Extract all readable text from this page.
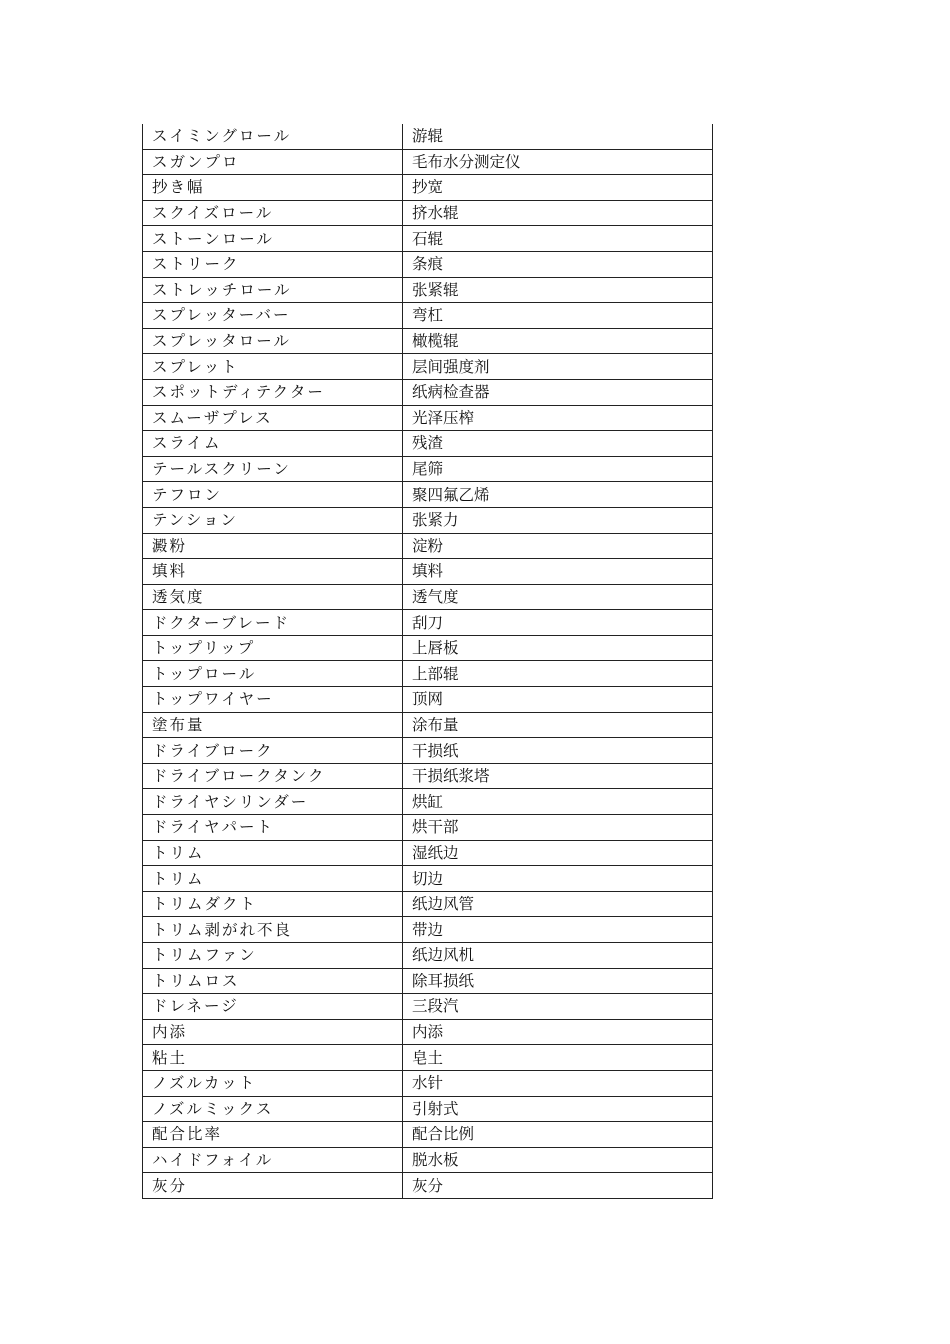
スイミングロール	游辊
スガンプロ	毛布水分测定仪
抄き幅	抄宽
スクイズロール	挤水辊
ストーンロール	石辊
ストリーク	条痕
ストレッチロール	张紧辊
スプレッターバー	弯杠
スプレッタロール	橄榄辊
スプレット	层间强度剂
スポットディテクター	纸病检查器
スムーザプレス	光泽压榨
スライム	残渣
テールスクリーン	尾筛
テフロン	聚四氟乙烯
テンション	张紧力
澱粉	淀粉
填料	填料
透気度	透气度
ドクターブレード	刮刀
トップリップ	上唇板
トップロール	上部辊
トップワイヤー	顶网
塗布量	涂布量
ドライブローク	干损纸
ドライブロークタンク	干损纸浆塔
ドライヤシリンダー	烘缸
ドライヤパート	烘干部
トリム	湿纸边
トリム	切边
トリムダクト	纸边风管
トリム剥がれ不良	带边
トリムファン	纸边风机
トリムロス	除耳损纸
ドレネージ	三段汽
内添	内添
粘土	皂土
ノズルカット	水针
ノズルミックス	引射式
配合比率	配合比例
ハイドフォイル	脱水板
灰分	灰分
